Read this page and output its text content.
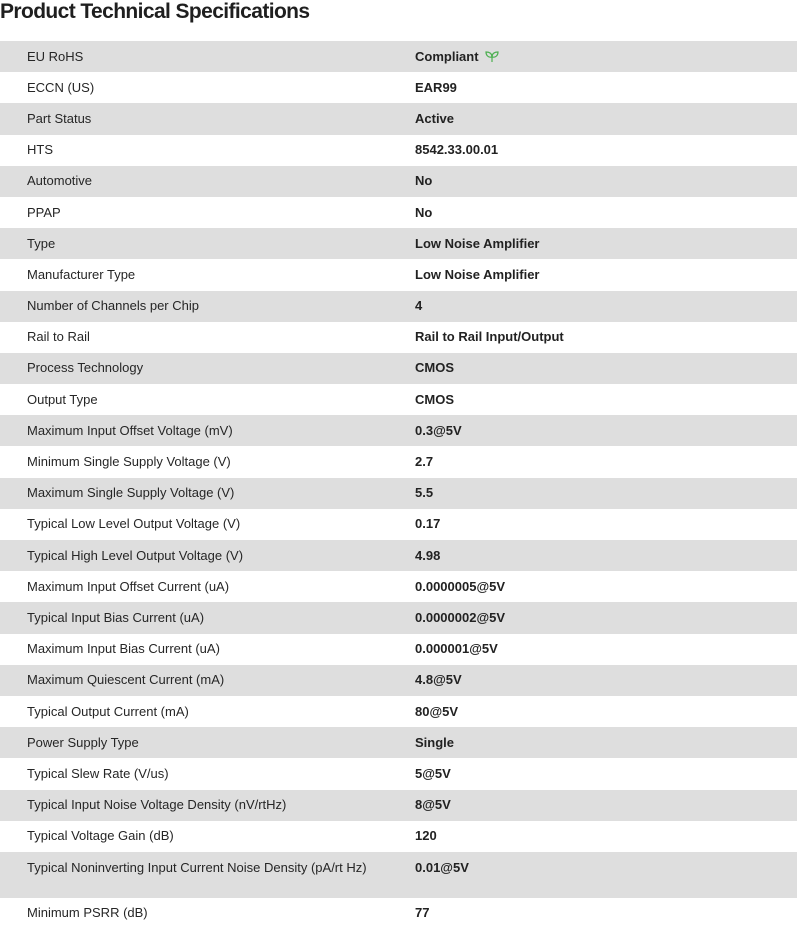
Product Technical Specifications
EU RoHS	Compliant
ECCN (US)	EAR99
Part Status	Active
HTS	8542.33.00.01
Automotive	No
PPAP	No
Type	Low Noise Amplifier
Manufacturer Type	Low Noise Amplifier
Number of Channels per Chip	4
Rail to Rail	Rail to Rail Input/Output
Process Technology	CMOS
Output Type	CMOS
Maximum Input Offset Voltage (mV)	0.3@5V
Minimum Single Supply Voltage (V)	2.7
Maximum Single Supply Voltage (V)	5.5
Typical Low Level Output Voltage (V)	0.17
Typical High Level Output Voltage (V)	4.98
Maximum Input Offset Current (uA)	0.0000005@5V
Typical Input Bias Current (uA)	0.0000002@5V
Maximum Input Bias Current (uA)	0.000001@5V
Maximum Quiescent Current (mA)	4.8@5V
Typical Output Current (mA)	80@5V
Power Supply Type	Single
Typical Slew Rate (V/us)	5@5V
Typical Input Noise Voltage Density (nV/rtHz)	8@5V
Typical Voltage Gain (dB)	120
Typical Noninverting Input Current Noise Density (pA/rt Hz)	0.01@5V
Minimum PSRR (dB)	77
